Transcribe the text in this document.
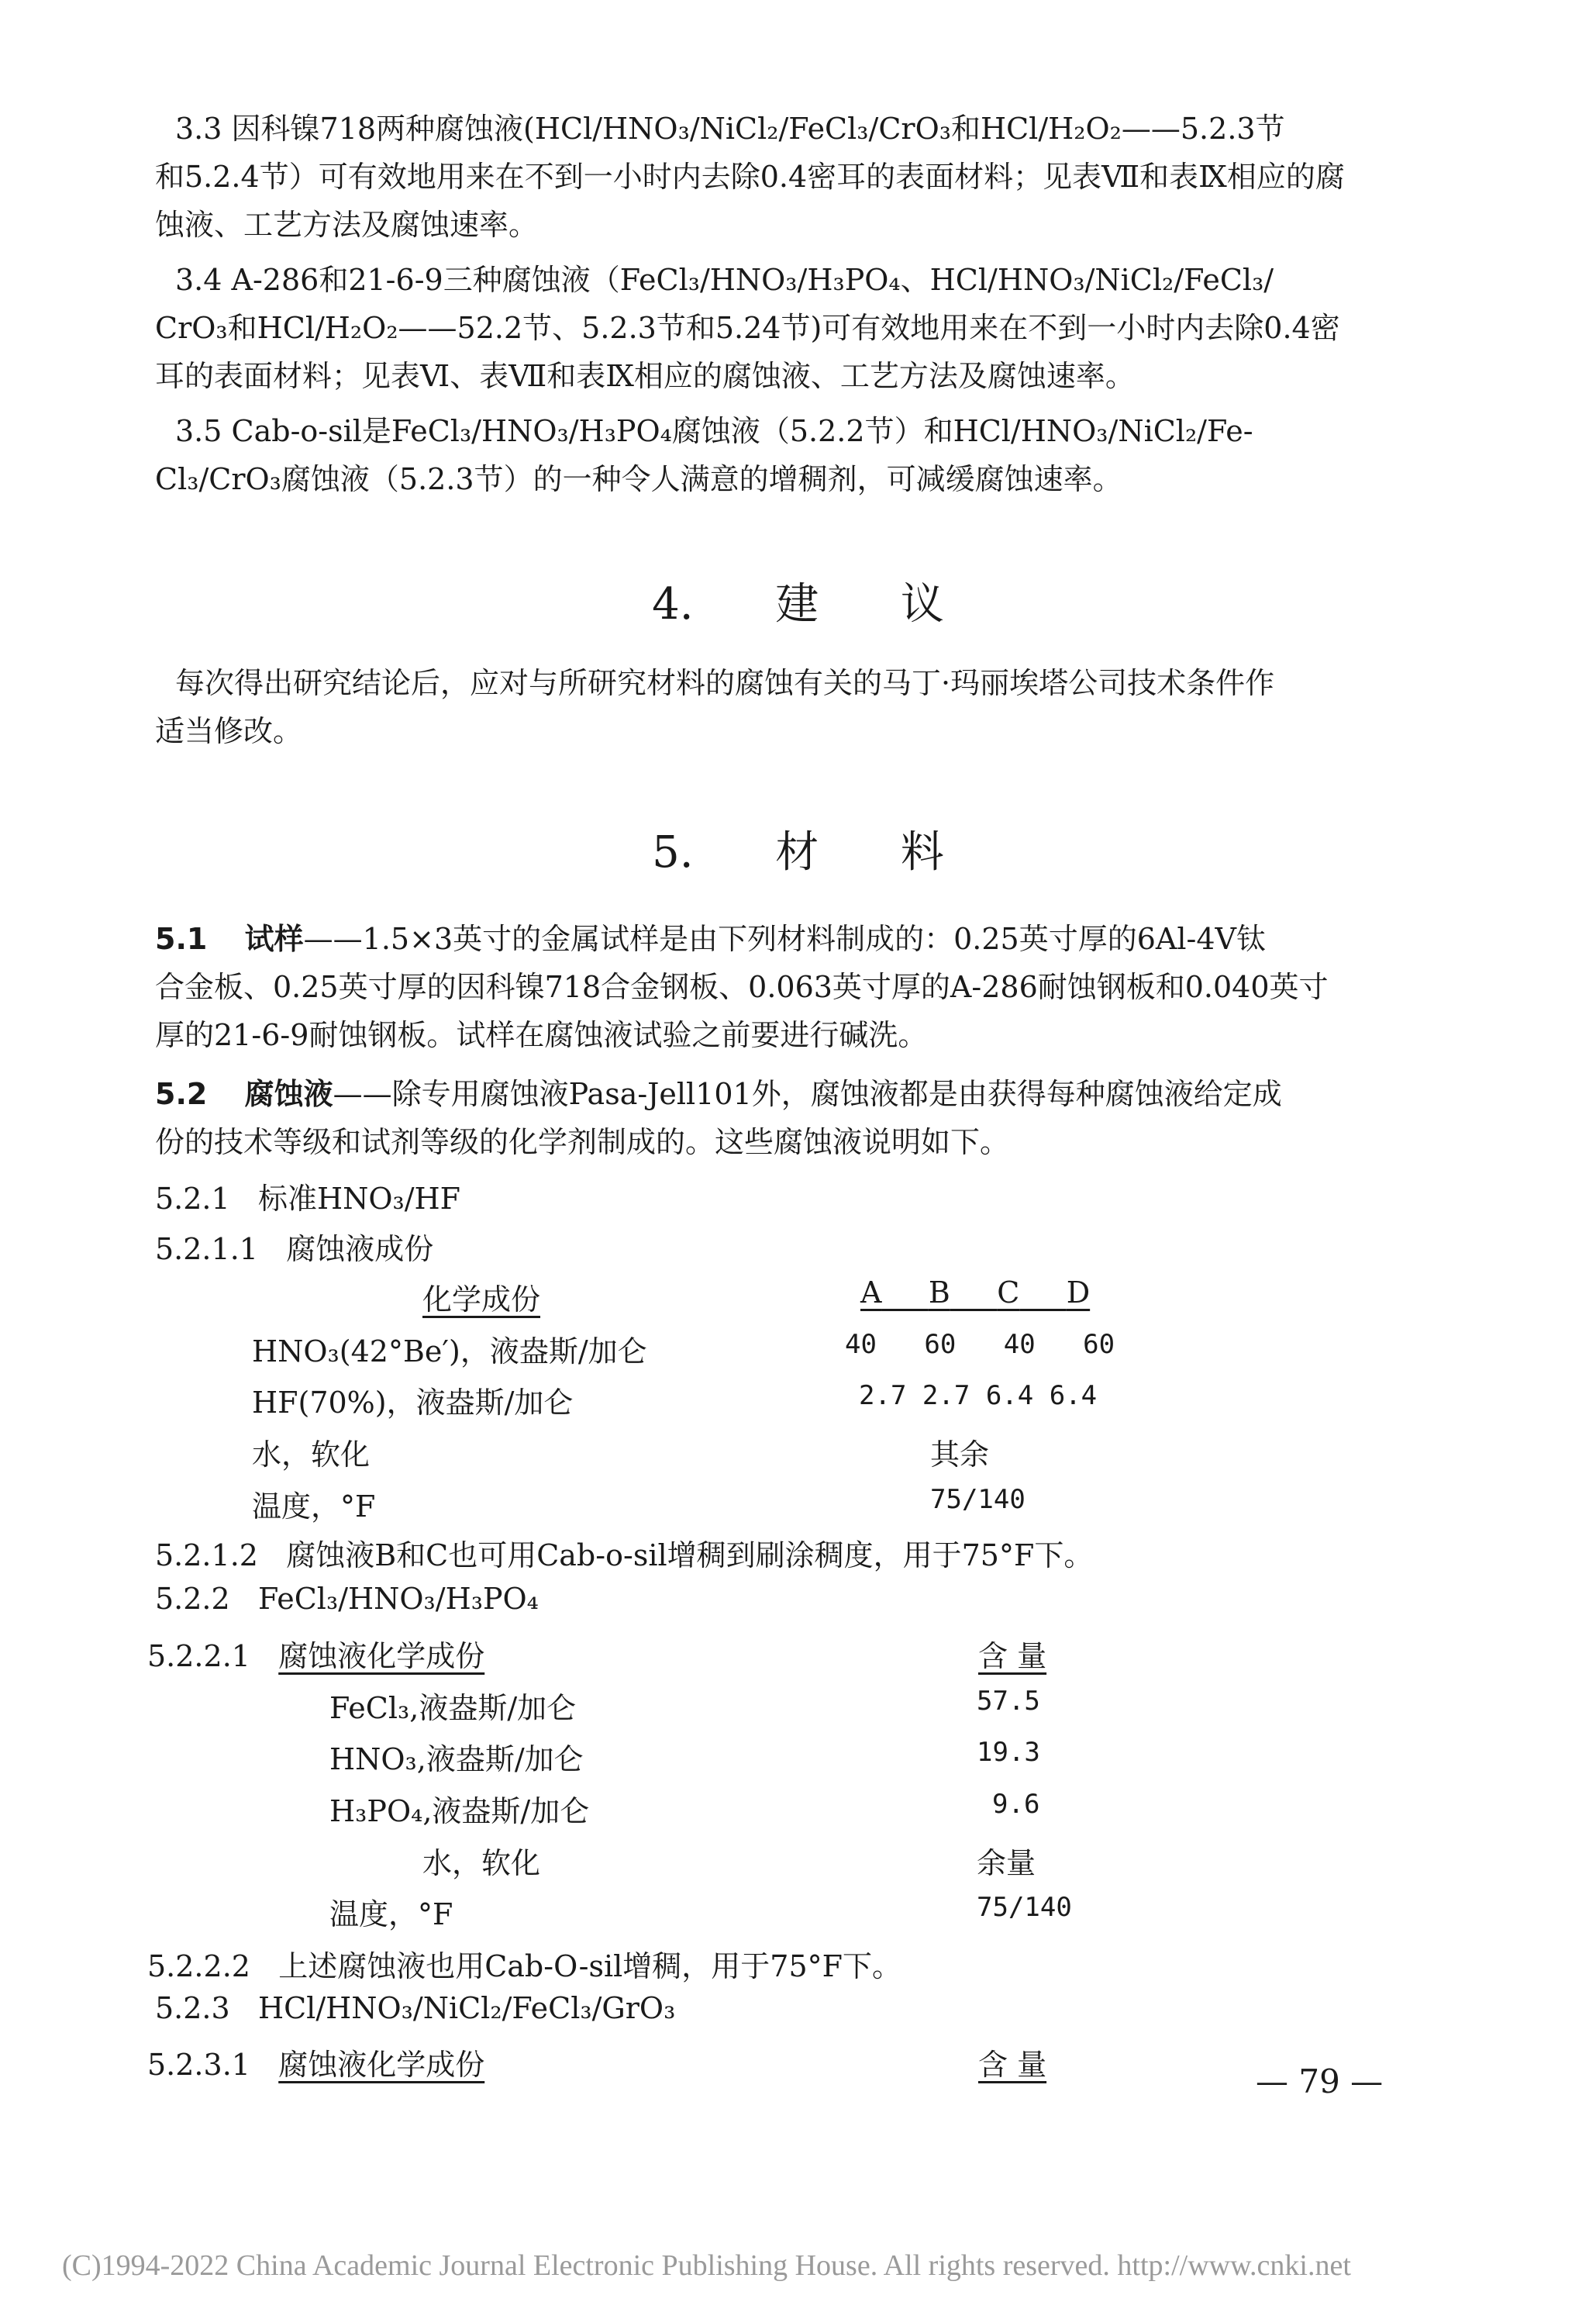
3.3 因科镍718两种腐蚀液(HCl/HNO₃/NiCl₂/FeCl₃/CrO₃和HCl/H₂O₂——5.2.3节
和5.2.4节）可有效地用来在不到一小时内去除0.4密耳的表面材料；见表Ⅶ和表Ⅸ相应的腐
蚀液、工艺方法及腐蚀速率。
3.4 A-286和21-6-9三种腐蚀液（FeCl₃/HNO₃/H₃PO₄、HCl/HNO₃/NiCl₂/FeCl₃/
CrO₃和HCl/H₂O₂——52.2节、5.2.3节和5.24节)可有效地用来在不到一小时内去除0.4密
耳的表面材料；见表Ⅵ、表Ⅶ和表Ⅸ相应的腐蚀液、工艺方法及腐蚀速率。
3.5 Cab-o-sil是FeCl₃/HNO₃/H₃PO₄腐蚀液（5.2.2节）和HCl/HNO₃/NiCl₂/Fe-
Cl₃/CrO₃腐蚀液（5.2.3节）的一种令人满意的增稠剂，可减缓腐蚀速率。
4. 建 议
每次得出研究结论后，应对与所研究材料的腐蚀有关的马丁·玛丽埃塔公司技术条件作
适当修改。
5. 材 料
5.1 试样——1.5×3英寸的金属试样是由下列材料制成的：0.25英寸厚的6Al-4V钛
合金板、0.25英寸厚的因科镍718合金钢板、0.063英寸厚的A-286耐蚀钢板和0.040英寸
厚的21-6-9耐蚀钢板。试样在腐蚀液试验之前要进行碱洗。
5.2 腐蚀液——除专用腐蚀液Pasa-Jell101外，腐蚀液都是由获得每种腐蚀液给定成
份的技术等级和试剂等级的化学剂制成的。这些腐蚀液说明如下。
5.2.1 标准HNO₃/HF
5.2.1.1 腐蚀液成份
化学成份	A B C D
HNO₃(42°Be′)，液盎斯/加仑	40 60 40 60
HF(70%)，液盎斯/加仑	2.7 2.7 6.4 6.4
水，软化	其余
温度，°F	75/140
5.2.1.2 腐蚀液B和C也可用Cab-o-sil增稠到刷涂稠度，用于75°F下。
5.2.2 FeCl₃/HNO₃/H₃PO₄
5.2.2.1 腐蚀液化学成份	含 量
FeCl₃,液盎斯/加仑	57.5
HNO₃,液盎斯/加仑	19.3
H₃PO₄,液盎斯/加仑	9.6
水，软化	余量
温度，°F	75/140
5.2.2.2 上述腐蚀液也用Cab-O-sil增稠，用于75°F下。
5.2.3 HCl/HNO₃/NiCl₂/FeCl₃/GrO₃
5.2.3.1 腐蚀液化学成份	含 量	— 79 —
(C)1994-2022 China Academic Journal Electronic Publishing House. All rights reserved. http://www.cnki.net
